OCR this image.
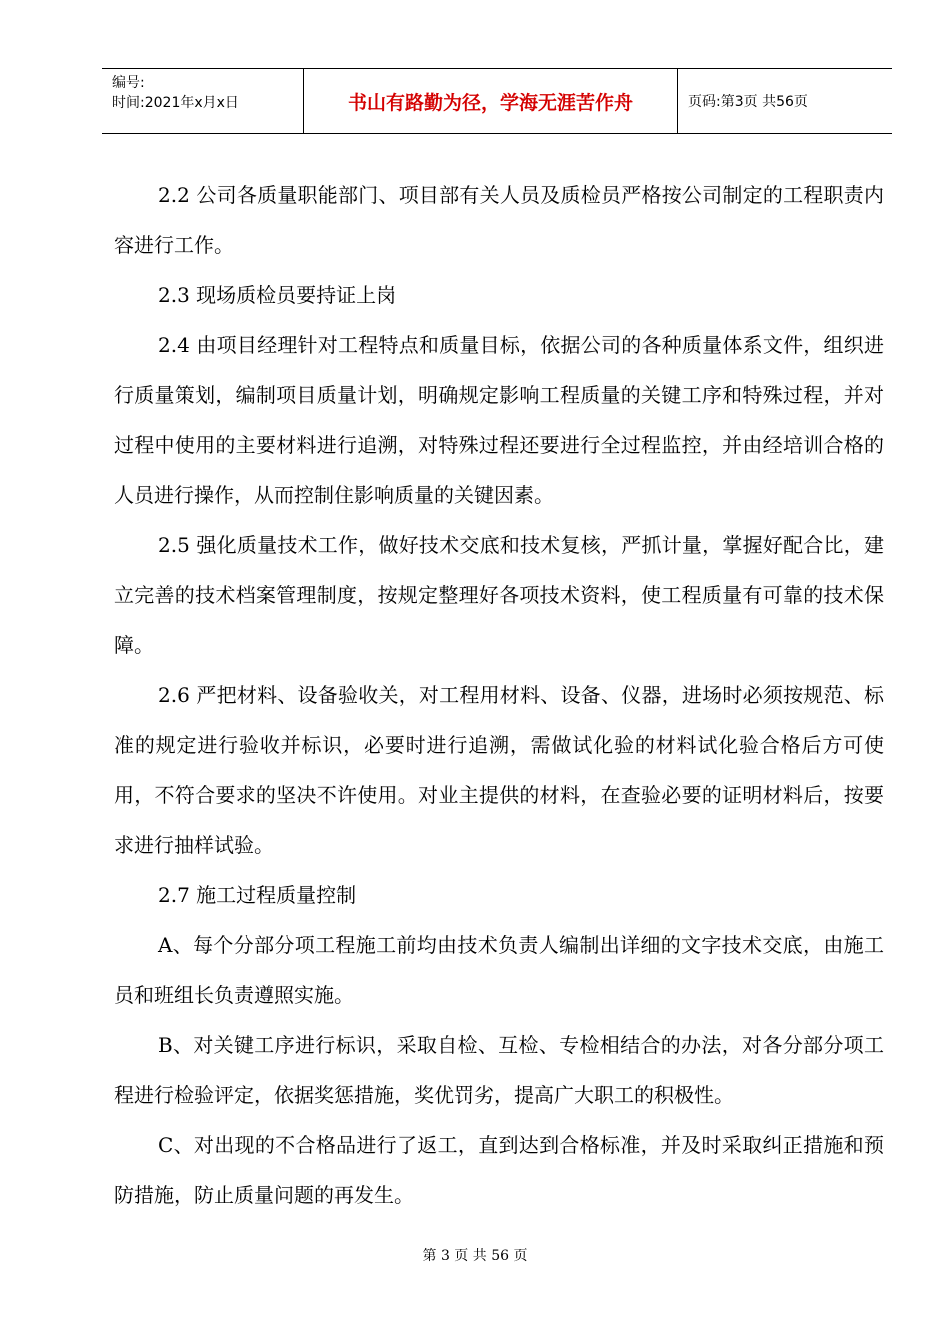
编号:
时间:2021年x月x日	书山有路勤为径，学海无涯苦作舟	页码:第3页 共56页

2.2 公司各质量职能部门、项目部有关人员及质检员严格按公司制定的工程职责内容进行工作。

2.3 现场质检员要持证上岗

2.4 由项目经理针对工程特点和质量目标，依据公司的各种质量体系文件，组织进行质量策划，编制项目质量计划，明确规定影响工程质量的关键工序和特殊过程，并对过程中使用的主要材料进行追溯，对特殊过程还要进行全过程监控，并由经培训合格的人员进行操作，从而控制住影响质量的关键因素。

2.5 强化质量技术工作，做好技术交底和技术复核，严抓计量，掌握好配合比，建立完善的技术档案管理制度，按规定整理好各项技术资料，使工程质量有可靠的技术保障。

2.6 严把材料、设备验收关，对工程用材料、设备、仪器，进场时必须按规范、标准的规定进行验收并标识，必要时进行追溯，需做试化验的材料试化验合格后方可使用，不符合要求的坚决不许使用。对业主提供的材料，在查验必要的证明材料后，按要求进行抽样试验。

2.7 施工过程质量控制

A、每个分部分项工程施工前均由技术负责人编制出详细的文字技术交底，由施工员和班组长负责遵照实施。

B、对关键工序进行标识，采取自检、互检、专检相结合的办法，对各分部分项工程进行检验评定，依据奖惩措施，奖优罚劣，提高广大职工的积极性。

C、对出现的不合格品进行了返工，直到达到合格标准，并及时采取纠正措施和预防措施，防止质量问题的再发生。

第 3 页 共 56 页
